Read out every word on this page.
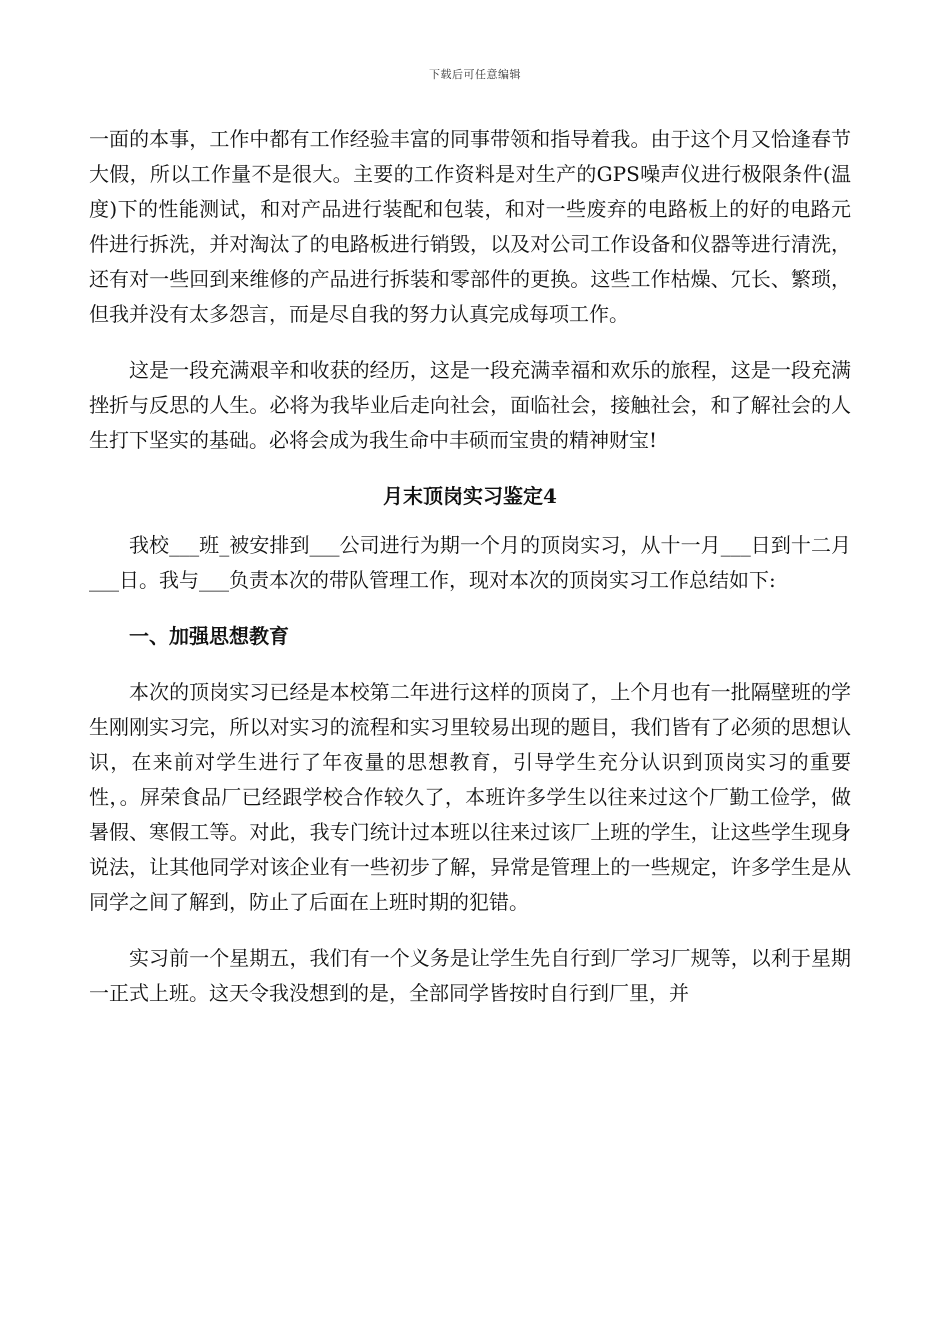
下载后可任意编辑

一面的本事，工作中都有工作经验丰富的同事带领和指导着我。由于这个月又恰逢春节大假，所以工作量不是很大。主要的工作资料是对生产的GPS噪声仪进行极限条件(温度)下的性能测试，和对产品进行装配和包装，和对一些废弃的电路板上的好的电路元件进行拆洗，并对淘汰了的电路板进行销毁，以及对公司工作设备和仪器等进行清洗，还有对一些回到来维修的产品进行拆装和零部件的更换。这些工作枯燥、冗长、繁琐，但我并没有太多怨言，而是尽自我的努力认真完成每项工作。

这是一段充满艰辛和收获的经历，这是一段充满幸福和欢乐的旅程，这是一段充满挫折与反思的人生。必将为我毕业后走向社会，面临社会，接触社会，和了解社会的人生打下坚实的基础。必将会成为我生命中丰硕而宝贵的精神财宝!

月末顶岗实习鉴定4

我校___班_被安排到___公司进行为期一个月的顶岗实习，从十一月___日到十二月___日。我与___负责本次的带队管理工作，现对本次的顶岗实习工作总结如下:

一、加强思想教育

本次的顶岗实习已经是本校第二年进行这样的顶岗了，上个月也有一批隔壁班的学生刚刚实习完，所以对实习的流程和实习里较易出现的题目，我们皆有了必须的思想认识，在来前对学生进行了年夜量的思想教育，引导学生充分认识到顶岗实习的重要性，。屏荣食品厂已经跟学校合作较久了，本班许多学生以往来过这个厂勤工俭学，做暑假、寒假工等。对此，我专门统计过本班以往来过该厂上班的学生，让这些学生现身说法，让其他同学对该企业有一些初步了解，异常是管理上的一些规定，许多学生是从同学之间了解到，防止了后面在上班时期的犯错。

实习前一个星期五，我们有一个义务是让学生先自行到厂学习厂规等，以利于星期一正式上班。这天令我没想到的是，全部同学皆按时自行到厂里，并
